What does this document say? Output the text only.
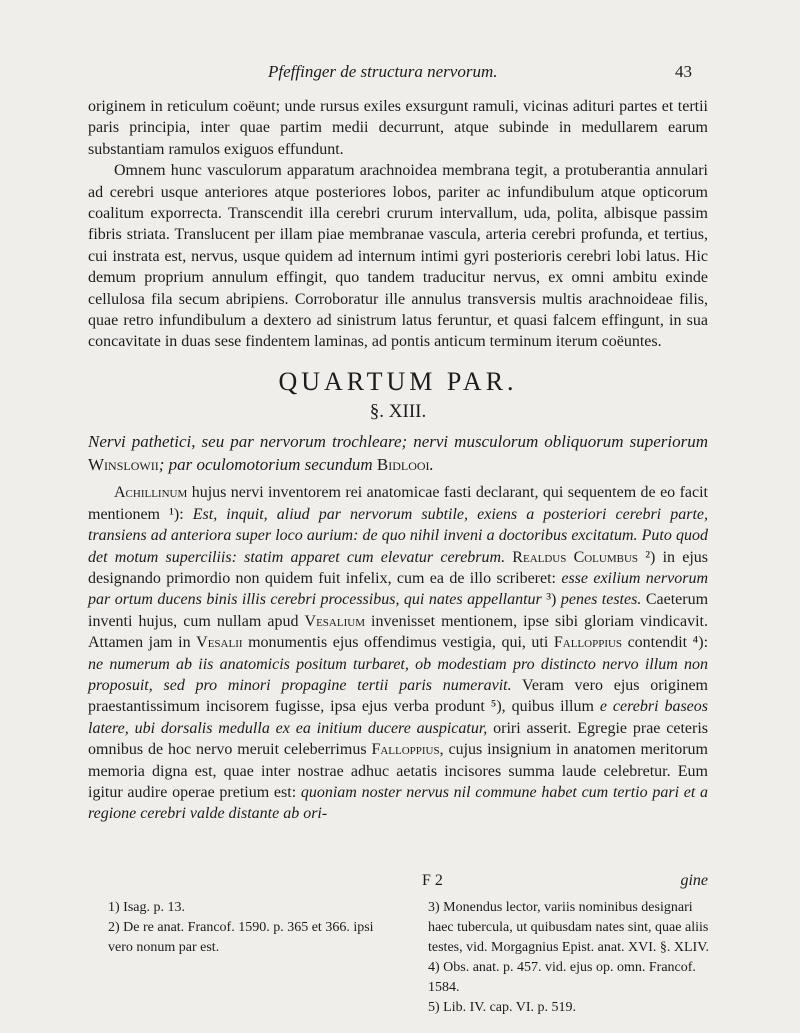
Pfeffinger de structura nervorum.	43

originem in reticulum coëunt; unde rursus exiles exsurgunt ramuli, vicinas adituri partes et tertii paris principia, inter quae partim medii decurrunt, atque subinde in medullarem earum substantiam ramulos exiguos effundunt.

Omnem hunc vasculorum apparatum arachnoidea membrana tegit, a protuberantia annulari ad cerebri usque anteriores atque posteriores lobos, pariter ac infundibulum atque opticorum coalitum exporrecta. Transcendit illa cerebri crurum intervallum, uda, polita, albisque passim fibris striata. Translucent per illam piae membranae vascula, arteria cerebri profunda, et tertius, cui instrata est, nervus, usque quidem ad internum intimi gyri posterioris cerebri lobi latus. Hic demum proprium annulum effingit, quo tandem traducitur nervus, ex omni ambitu exinde cellulosa fila secum abripiens. Corroboratur ille annulus transversis multis arachnoideae filis, quae retro infundibulum a dextero ad sinistrum latus feruntur, et quasi falcem effingunt, in sua concavitate in duas sese findentem laminas, ad pontis anticum terminum iterum coëuntes.

QUARTUM PAR.
§. XIII.
Nervi pathetici, seu par nervorum trochleare; nervi musculorum obliquorum superiorum Winslowii; par oculomotorium secundum Bidlooi.

Achillinum hujus nervi inventorem rei anatomicae fasti declarant, qui sequentem de eo facit mentionem ¹): Est, inquit, aliud par nervorum subtile, exiens a posteriori cerebri parte, transiens ad anteriora super loco aurium: de quo nihil inveni a doctoribus excitatum. Puto quod det motum superciliis: statim apparet cum elevatur cerebrum. Realdus Columbus ²) in ejus designando primordio non quidem fuit infelix, cum ea de illo scriberet: esse exilium nervorum par ortum ducens binis illis cerebri processibus, qui nates appellantur ³) penes testes. Caeterum inventi hujus, cum nullam apud Vesalium invenisset mentionem, ipse sibi gloriam vindicavit. Attamen jam in Vesalii monumentis ejus offendimus vestigia, qui, uti Falloppius contendit ⁴): ne numerum ab iis anatomicis positum turbaret, ob modestiam pro distincto nervo illum non proposuit, sed pro minori propagine tertii paris numeravit. Veram vero ejus originem praestantissimum incisorem fugisse, ipsa ejus verba produnt ⁵), quibus illum e cerebri baseos latere, ubi dorsalis medulla ex ea initium ducere auspicatur, oriri asserit. Egregie prae ceteris omnibus de hoc nervo meruit celeberrimus Falloppius, cujus insignium in anatomen meritorum memoria digna est, quae inter nostrae adhuc aetatis incisores summa laude celebretur. Eum igitur audire operae pretium est: quoniam noster nervus nil commune habet cum tertio pari et a regione cerebri valde distante ab ori-

F 2	gine

1) Isag. p. 13.

2) De re anat. Francof. 1590. p. 365 et 366. ipsi vero nonum par est.

3) Monendus lector, variis nominibus designari haec tubercula, ut quibusdam nates sint, quae aliis testes, vid. Morgagnius Epist. anat. XVI. §. XLIV.

4) Obs. anat. p. 457. vid. ejus op. omn. Francof. 1584.

5) Lib. IV. cap. VI. p. 519.
